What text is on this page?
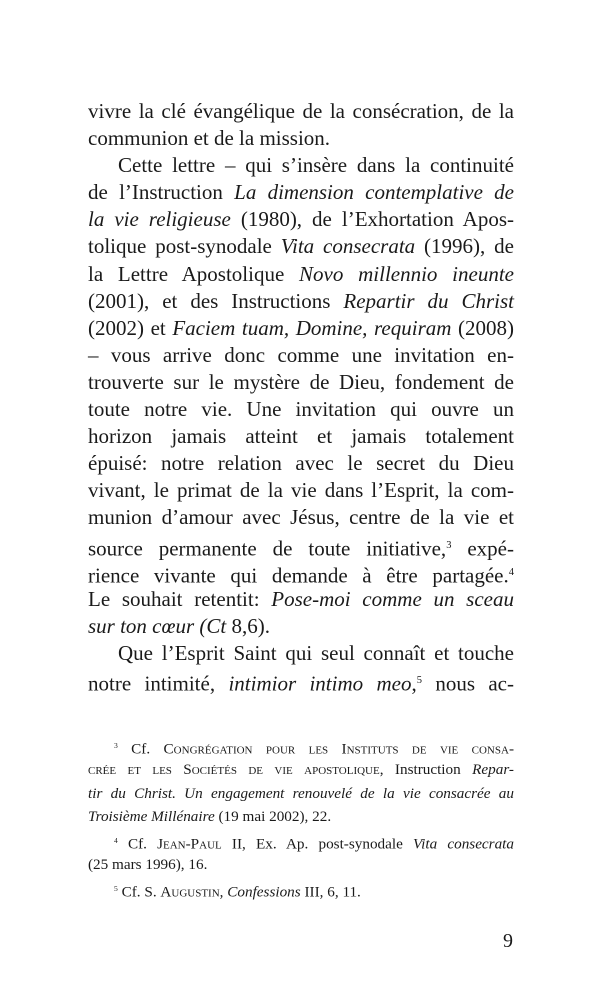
vivre la clé évangélique de la consécration, de la
communion et de la mission.
Cette lettre – qui s’insère dans la continuité
de l’Instruction La dimension contemplative de
la vie religieuse (1980), de l’Exhortation Apos-
tolique post-synodale Vita consecrata (1996), de
la Lettre Apostolique Novo millennio ineunte
(2001), et des Instructions Repartir du Christ
(2002) et Faciem tuam, Domine, requiram (2008)
– vous arrive donc comme une invitation en-
trouverte sur le mystère de Dieu, fondement de
toute notre vie. Une invitation qui ouvre un
horizon jamais atteint et jamais totalement
épuisé: notre relation avec le secret du Dieu
vivant, le primat de la vie dans l’Esprit, la com-
munion d’amour avec Jésus, centre de la vie et
source permanente de toute initiative,$^3$ expé-
rience vivante qui demande à être partagée.$^4$
Le souhait retentit: Pose-moi comme un sceau
sur ton cœur (Ct 8,6).
Que l’Esprit Saint qui seul connaît et touche
notre intimité, intimior intimo meo,$^5$ nous ac-
$^3$ Cf. Congrégation pour les Instituts de vie consa-
crée et les Sociétés de vie apostolique, Instruction Repar-
tir du Christ. Un engagement renouvelé de la vie consacrée au
Troisième Millénaire (19 mai 2002), 22.
$^4$ Cf. Jean-Paul II, Ex. Ap. post-synodale Vita consecrata
(25 mars 1996), 16.
$^5$ Cf. S. Augustin, Confessions III, 6, 11.
9
